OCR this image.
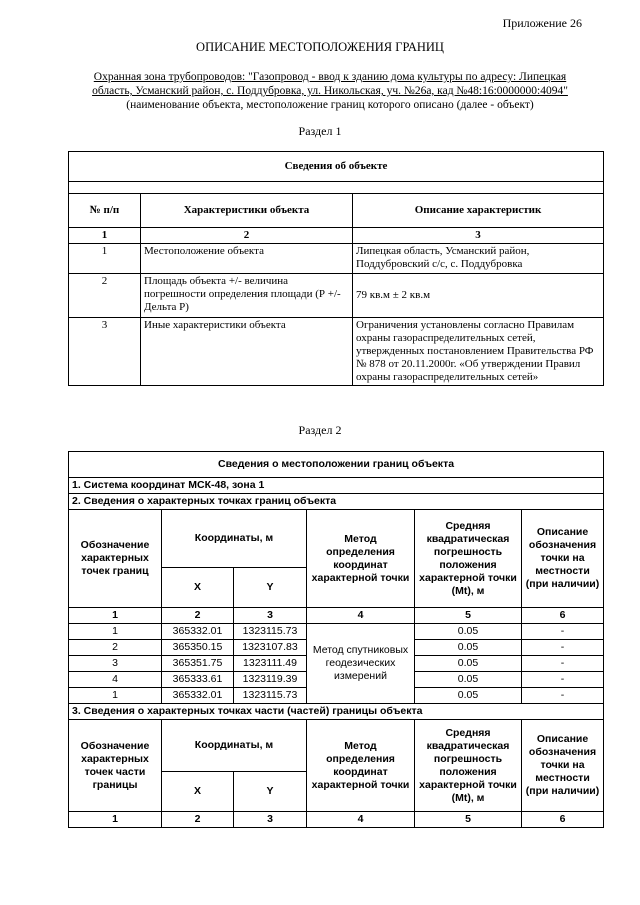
Приложение 26
ОПИСАНИЕ МЕСТОПОЛОЖЕНИЯ ГРАНИЦ
Охранная зона трубопроводов: "Газопровод - ввод к зданию дома культуры по адресу: Липецкая
область, Усманский район, с. Поддубровка, ул. Никольская, уч. №26а, кад №48:16:0000000:4094"
(наименование объекта, местоположение границ которого описано (далее - объект)
Раздел 1
Сведения об объекте		

№ п/п	Характеристики объекта	Описание характеристик
1	2	3
1	Местоположение объекта	Липецкая область, Усманский район, Поддубровский с/с, с. Поддубровка
2	Площадь объекта +/- величина погрешности определения площади (Р +/- Дельта Р)	79 кв.м ± 2 кв.м
3	Иные характеристики объекта	Ограничения установлены согласно Правилам охраны газораспределительных сетей, утвержденных постановлением Правительства РФ № 878 от 20.11.2000г. «Об утверждении Правил охраны газораспределительных сетей»
Раздел 2
Сведения о местоположении границ объекта					
1. Система координат МСК-48, зона 1					
2. Сведения о характерных точках границ объекта					
Обозначение характерных точек границ	Координаты, м		Метод определения координат характерной точки	Средняя квадратическая погрешность положения характерной точки (Mt), м	Описание обозначения точки на местности (при наличии)
	X	Y			
1	2	3	4	5	6
1	365332.01	1323115.73	Метод спутниковых геодезических измерений	0.05	-
2	365350.15	1323107.83		0.05	-
3	365351.75	1323111.49		0.05	-
4	365333.61	1323119.39		0.05	-
1	365332.01	1323115.73		0.05	-
3. Сведения о характерных точках части (частей) границы объекта					
Обозначение характерных точек части границы	Координаты, м		Метод определения координат характерной точки	Средняя квадратическая погрешность положения характерной точки (Mt), м	Описание обозначения точки на местности (при наличии)
	X	Y			
1	2	3	4	5	6
